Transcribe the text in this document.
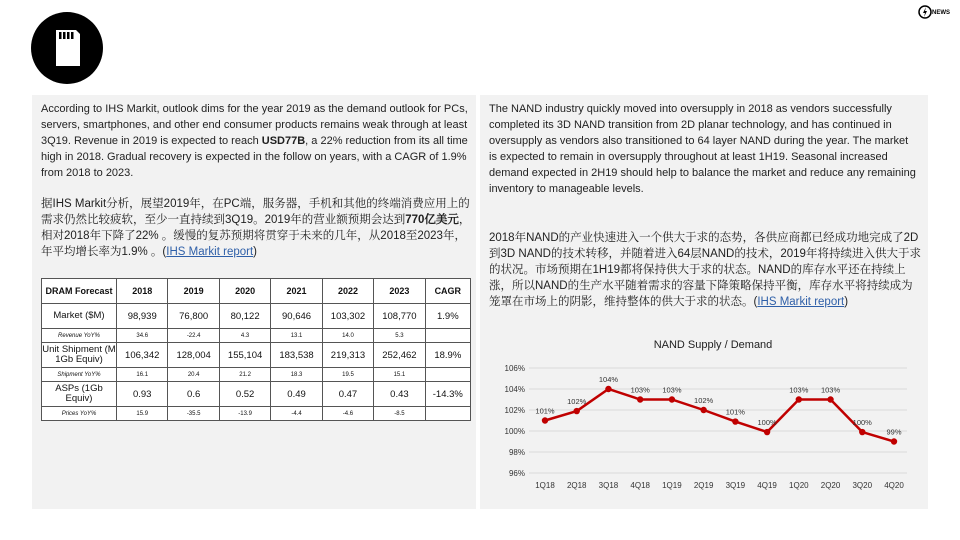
NEWS
According to IHS Markit, outlook dims for the year 2019 as the demand outlook for PCs, servers, smartphones, and other end consumer products remains weak through at least 3Q19. Revenue in 2019 is expected to reach USD77B, a 22% reduction from its all time high in 2018. Gradual recovery is expected in the follow on years, with a CAGR of 1.9% from 2018 to 2023.
据IHS Markit分析，展望2019年，在PC端，服务器，手机和其他的终端消费应用上的需求仍然比较疲软，至少一直持续到3Q19。2019年的营业额预期会达到770亿美元，相对2018年下降了22% 。缓慢的复苏预期将贯穿于未来的几年，从2018至2023年，年平均增长率为1.9% 。(IHS Markit report)
DRAM Forecast	2018	2019	2020	2021	2022	2023	CAGR
Market ($M)	98,939	76,800	80,122	90,646	103,302	108,770	1.9%
Revenue YoY%	34.6	-22.4	4.3	13.1	14.0	5.3	
Unit Shipment (M 1Gb Equiv)	106,342	128,004	155,104	183,538	219,313	252,462	18.9%
Shipment YoY%	16.1	20.4	21.2	18.3	19.5	15.1	
ASPs (1Gb Equiv)	0.93	0.6	0.52	0.49	0.47	0.43	-14.3%
Prices YoY%	15.9	-35.5	-13.9	-4.4	-4.6	-8.5	
The NAND industry quickly moved into oversupply in 2018 as vendors successfully completed its 3D NAND transition from 2D planar technology, and has continued in oversupply as vendors also transitioned to 64 layer NAND during the year. The market is expected to remain in oversupply throughout at least 1H19. Seasonal increased demand expected in 2H19 should help to balance the market and reduce any remaining inventory to manageable levels.
2018年NAND的产业快速进入一个供大于求的态势，各供应商都已经成功地完成了2D到3D NAND的技术转移，并随着进入64层NAND的技术，2019年将持续进入供大于求的状况。市场预期在1H19都将保持供大于求的状态。NAND的库存水平还在持续上涨，所以NAND的生产水平随着需求的容量下降策略保持平衡，库存水平将持续成为笼罩在市场上的阴影，维持整体的供大于求的状态。(IHS Markit report)
NAND Supply / Demand
96%
98%
100%
102%
104%
106%
1Q18 2Q18 3Q18 4Q18 1Q19 2Q19 3Q19 4Q19 1Q20 2Q20 3Q20 4Q20
101%
102%
104%
103% 103%
102%
101%
100%
103% 103%
100%
99%
